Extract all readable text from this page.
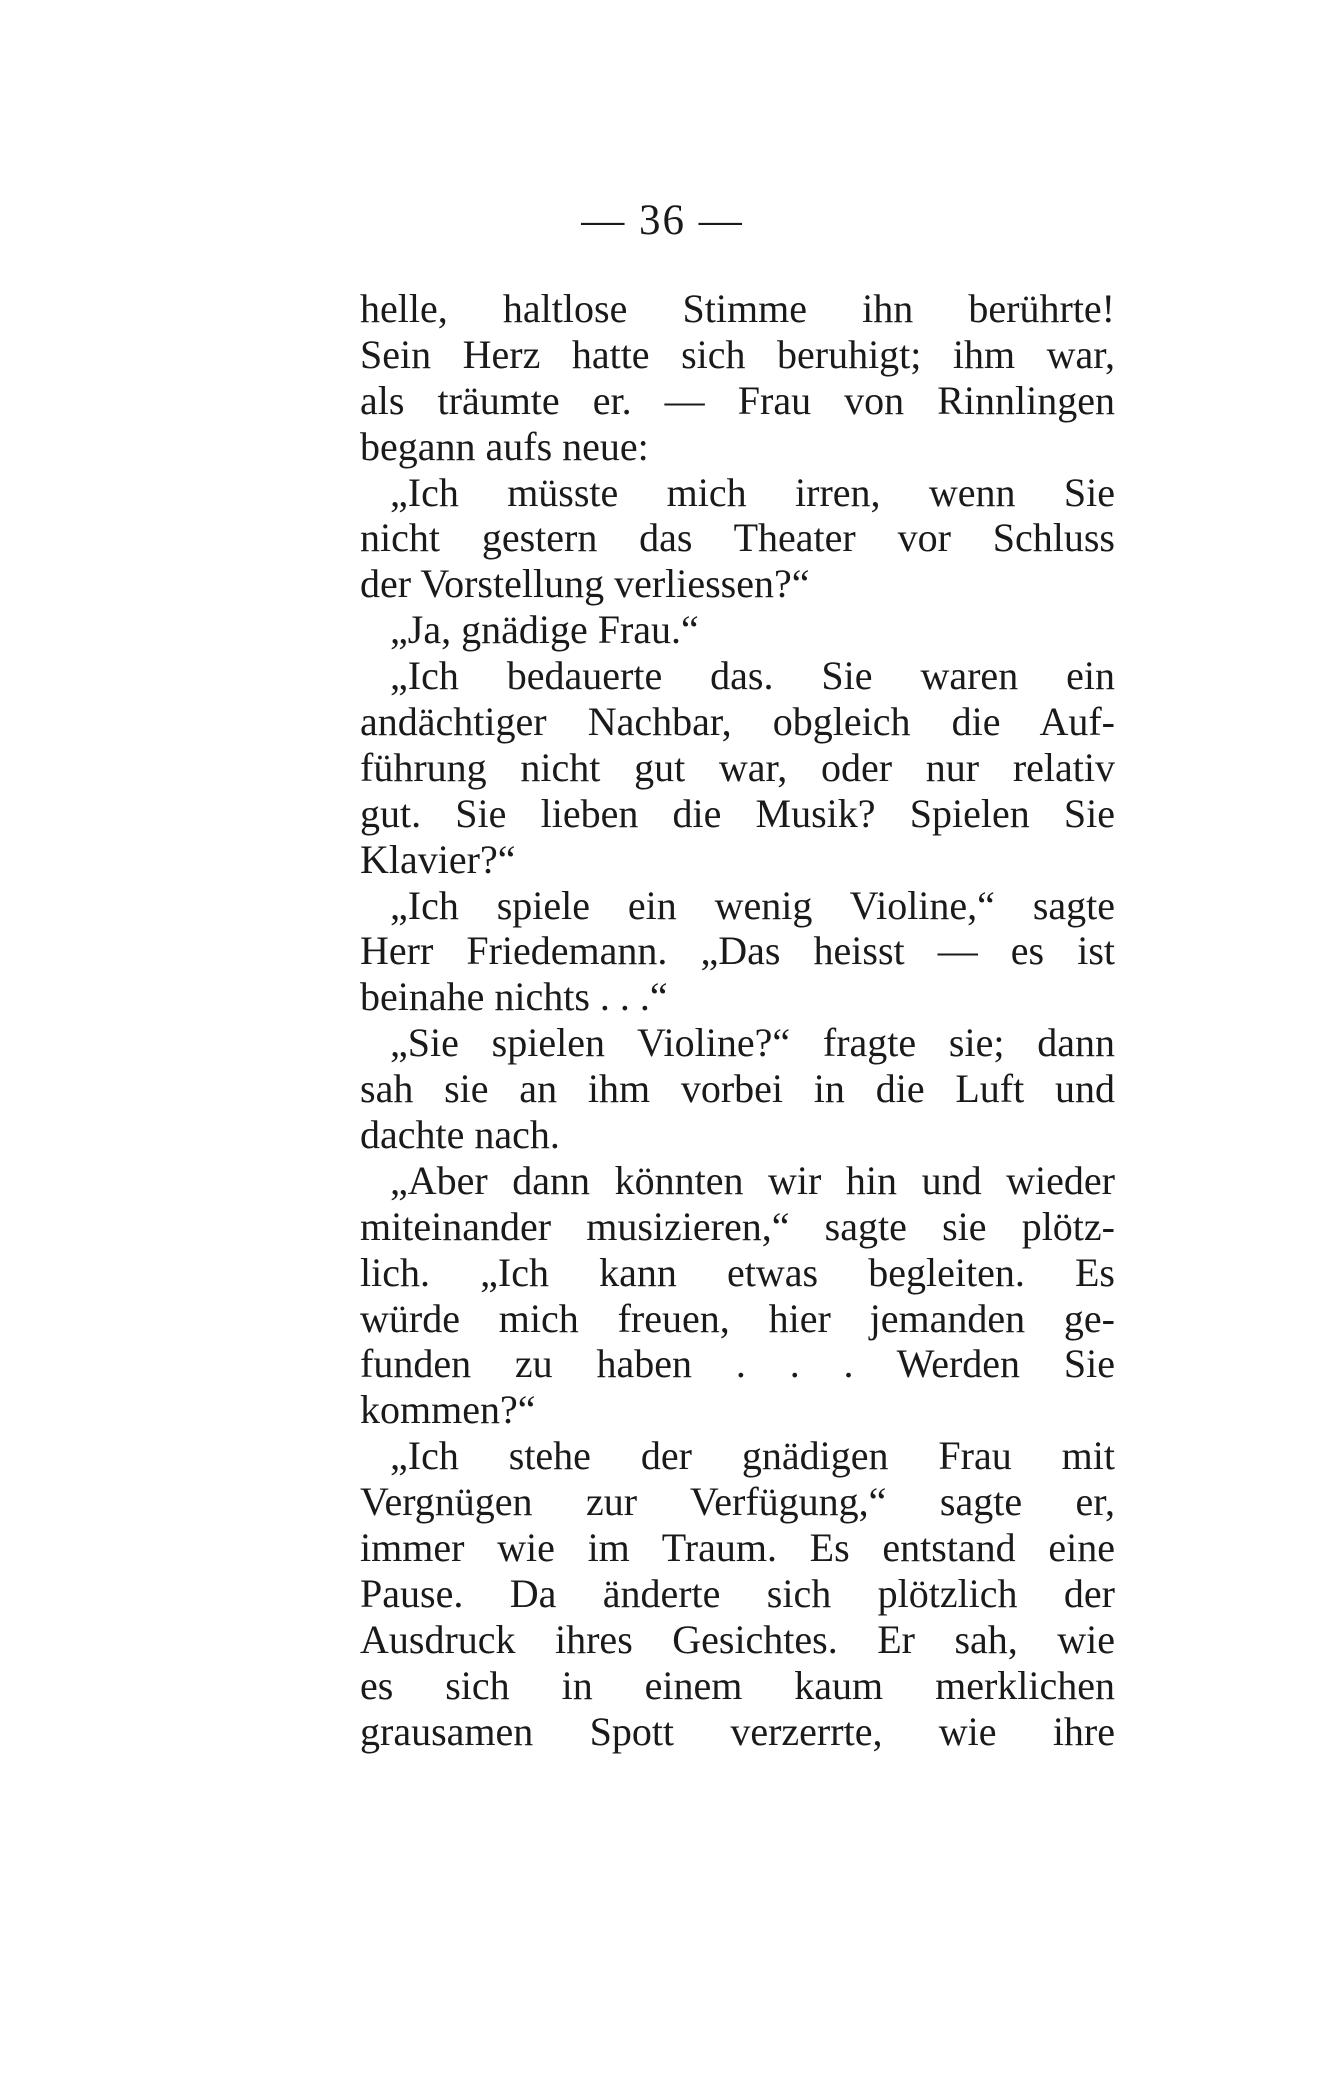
— 36 —
helle, haltlose Stimme ihn berührte!
Sein Herz hatte sich beruhigt; ihm war,
als träumte er. — Frau von Rinnlingen
begann aufs neue:
„Ich müsste mich irren, wenn Sie
nicht gestern das Theater vor Schluss
der Vorstellung verliessen?“
„Ja, gnädige Frau.“
„Ich bedauerte das. Sie waren ein
andächtiger Nachbar, obgleich die Auf-
führung nicht gut war, oder nur relativ
gut. Sie lieben die Musik? Spielen Sie
Klavier?“
„Ich spiele ein wenig Violine,“ sagte
Herr Friedemann. „Das heisst — es ist
beinahe nichts . . .“
„Sie spielen Violine?“ fragte sie; dann
sah sie an ihm vorbei in die Luft und
dachte nach.
„Aber dann könnten wir hin und wieder
miteinander musizieren,“ sagte sie plötz-
lich. „Ich kann etwas begleiten. Es
würde mich freuen, hier jemanden ge-
funden zu haben . . . Werden Sie
kommen?“
„Ich stehe der gnädigen Frau mit
Vergnügen zur Verfügung,“ sagte er,
immer wie im Traum. Es entstand eine
Pause. Da änderte sich plötzlich der
Ausdruck ihres Gesichtes. Er sah, wie
es sich in einem kaum merklichen
grausamen Spott verzerrte, wie ihre
